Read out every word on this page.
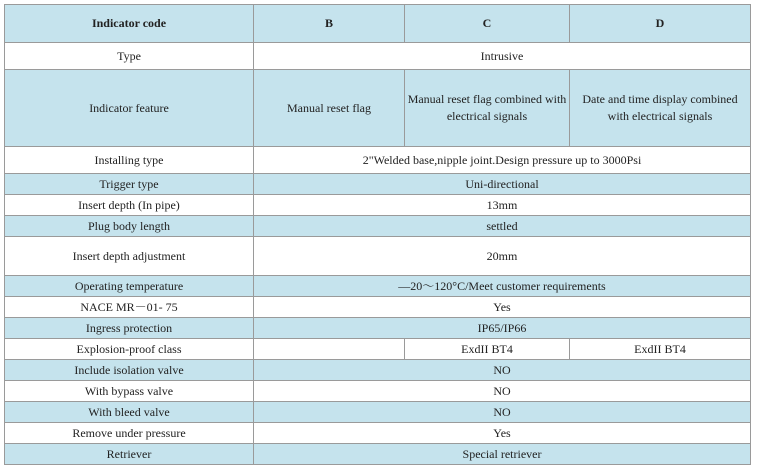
Indicator code	B	C	D
Type	Intrusive		
Indicator feature	Manual reset flag	Manual reset flag combined with electrical signals	Date and time display combined with electrical signals
Installing type	2"Welded base,nipple joint.Design pressure up to 3000Psi		
Trigger type	Uni-directional		
Insert depth (In pipe)	13mm		
Plug body length	settled		
Insert depth adjustment	20mm		
Operating temperature	—20～120°C/Meet customer requirements		
NACE MR－01- 75	Yes		
Ingress protection	IP65/IP66		
Explosion-proof class		ExdII BT4	ExdII BT4
Include isolation valve	NO		
With bypass valve	NO		
With bleed valve	NO		
Remove under pressure	Yes		
Retriever	Special retriever		
